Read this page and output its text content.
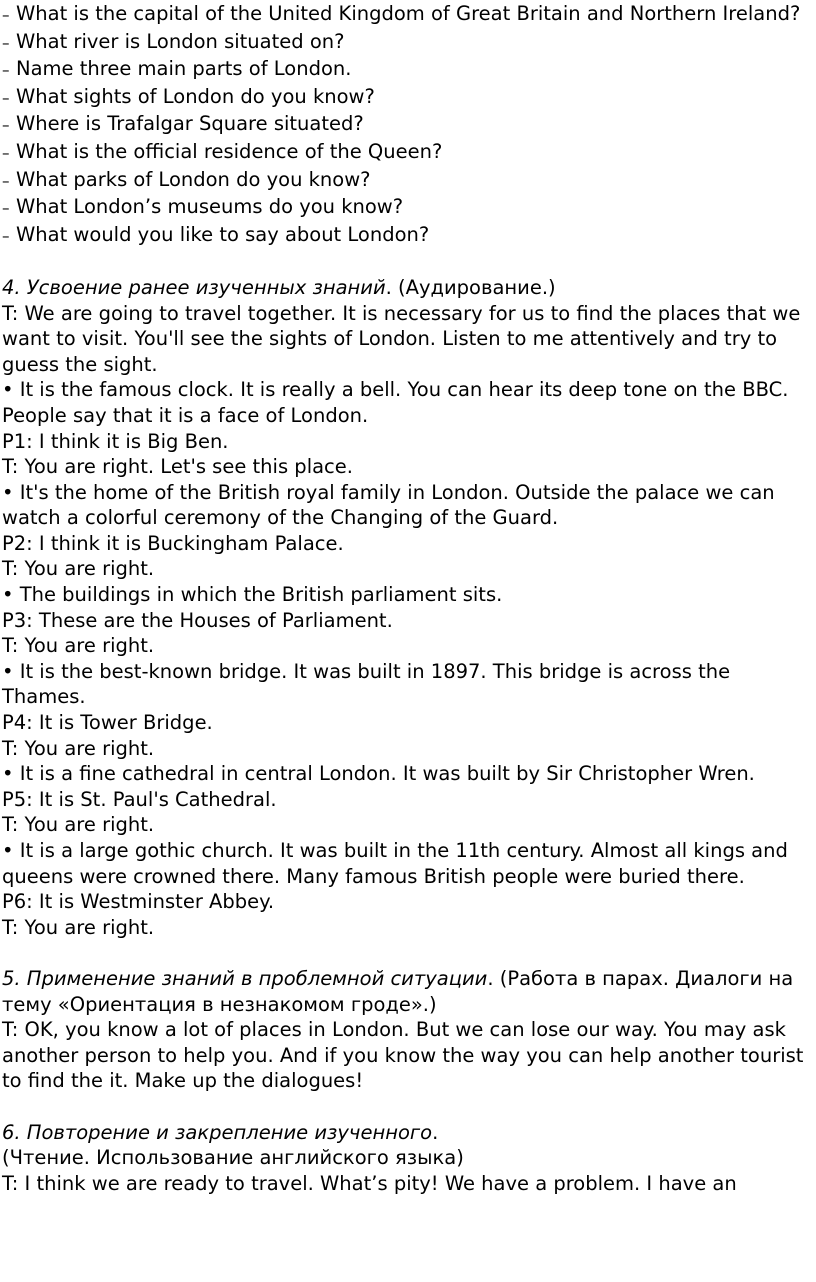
– What is the capital of the United Kingdom of Great Britain and Northern Ireland?

– What river is London situated on?

– Name three main parts of London.

– What sights of London do you know?

– Where is Trafalgar Square situated?

– What is the official residence of the Queen?

– What parks of London do you know?

– What London’s museums do you know?

– What would you like to say about London?

4. Усвоение ранее изученных знаний. (Аудирование.)

T: We are going to travel together. It is necessary for us to find the places that we want to visit. You'll see the sights of London. Listen to me attentively and try to guess the sight.

• It is the famous clock. It is really a bell. You can hear its deep tone on the BBC. People say that it is a face of London.

P1: I think it is Big Ben.

T: You are right. Let's see this place.

• It's the home of the British royal family in London. Outside the palace we can watch a colorful ceremony of the Changing of the Guard.

P2: I think it is Buckingham Palace.

T: You are right.

• The buildings in which the British parliament sits.

P3: These are the Houses of Parliament.

T: You are right.

• It is the best-known bridge. It was built in 1897. This bridge is across the Thames.

P4: It is Tower Bridge.

T: You are right.

• It is a fine cathedral in central London. It was built by Sir Christopher Wren.

P5: It is St. Paul's Cathedral.

T: You are right.

• It is a large gothic church. It was built in the 11th century. Almost all kings and queens were crowned there. Many famous British people were buried there.

P6: It is Westminster Abbey.

T: You are right.

5. Применение знаний в проблемной ситуации. (Работа в парах. Диалоги на тему «Ориентация в незнакомом гроде».)

T: OK, you know a lot of places in London. But we can lose our way. You may ask another person to help you. And if you know the way you can help another tourist to find the it. Make up the dialogues!

6. Повторение и закрепление изученного.

(Чтение. Использование английского языка)

T: I think we are ready to travel. What’s pity! We have a problem. I have an
